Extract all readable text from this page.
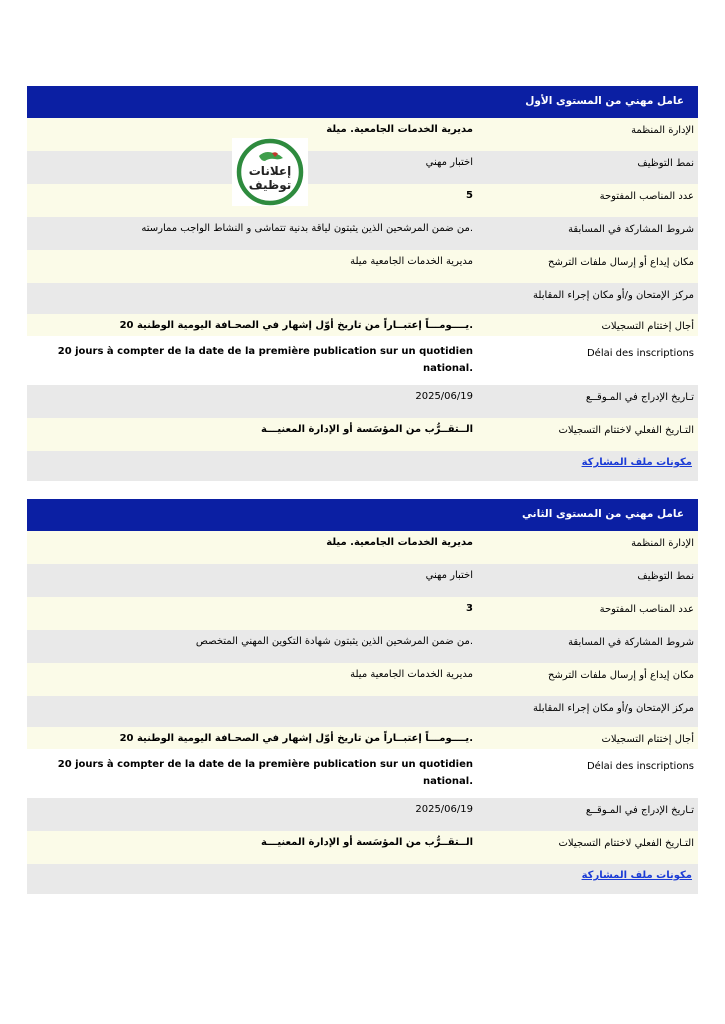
عامل مهني من المستوى الأول
الإدارة المنظمة
مديرية الخدمات الجامعية. ميلة
نمط التوظيف
اختبار مهني
عدد المناصب المفتوحة
5
شروط المشاركة في المسابقة
من ضمن المرشحين الذين يثبتون لياقة بدنية تتماشى و النشاط الواجب ممارسته.
مكان إيداع أو إرسال ملفات الترشح
مديرية الخدمات الجامعية ميلة
مركز الإمتحان و/أو مكان إجراء المقابلة
أجال إختتام التسجيلات
20 يــــومـــاً إعتبــاراً من تاريخ أوّل إشهار في الصحـافة اليومية الوطنية.
Délai des inscriptions
20 jours à compter de la date de la première publication sur un quotidien national.
تـاريخ الإدراج في المـوقــع
2025/06/19
التـاريخ الفعلي لاختتام التسجيلات
الــتقــرُّب من المؤسَسة أو الإدارة المعنيـــة
مكونات ملف المشاركة
عامل مهني من المستوى الثاني
الإدارة المنظمة
مديرية الخدمات الجامعية. ميلة
نمط التوظيف
اختبار مهني
عدد المناصب المفتوحة
3
شروط المشاركة في المسابقة
من ضمن المرشحين الذين يثبتون شهادة التكوين المهني المتخصص.
مكان إيداع أو إرسال ملفات الترشح
مديرية الخدمات الجامعية ميلة
مركز الإمتحان و/أو مكان إجراء المقابلة
أجال إختتام التسجيلات
20 يــــومـــاً إعتبــاراً من تاريخ أوّل إشهار في الصحـافة اليومية الوطنية.
Délai des inscriptions
20 jours à compter de la date de la première publication sur un quotidien national.
تـاريخ الإدراج في المـوقــع
2025/06/19
التـاريخ الفعلي لاختتام التسجيلات
الــتقــرُّب من المؤسَسة أو الإدارة المعنيـــة
مكونات ملف المشاركة
إعلانات
توظيف
